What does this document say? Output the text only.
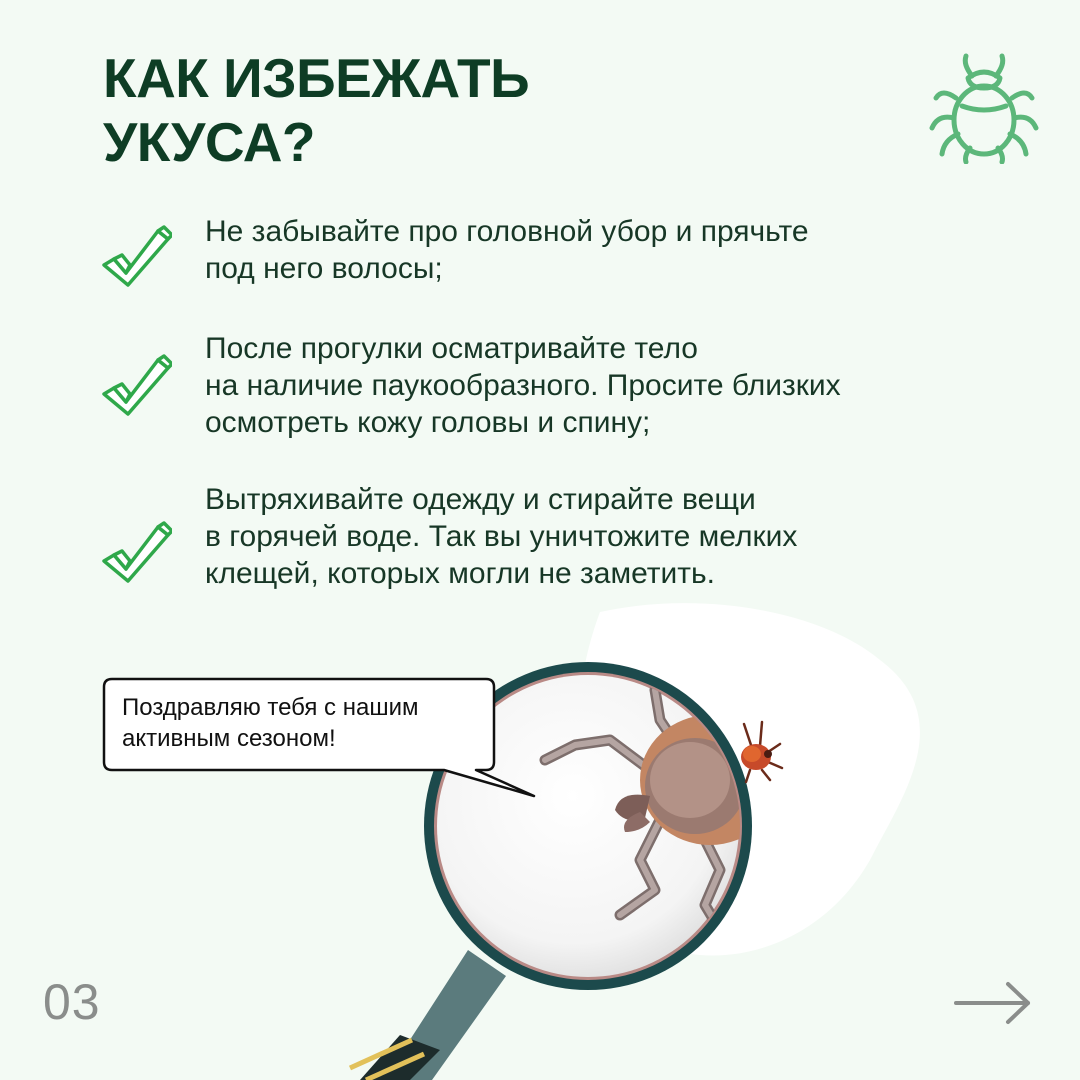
КАК ИЗБЕЖАТЬ
УКУСА?

Не забывайте про головной убор и прячьте
под него волосы;

После прогулки осматривайте тело
на наличие паукообразного. Просите близких
осмотреть кожу головы и спину;

Вытряхивайте одежду и стирайте вещи
в горячей воде. Так вы уничтожите мелких
клещей, которых могли не заметить.

Поздравляю тебя с нашим
активным сезоном!

03
